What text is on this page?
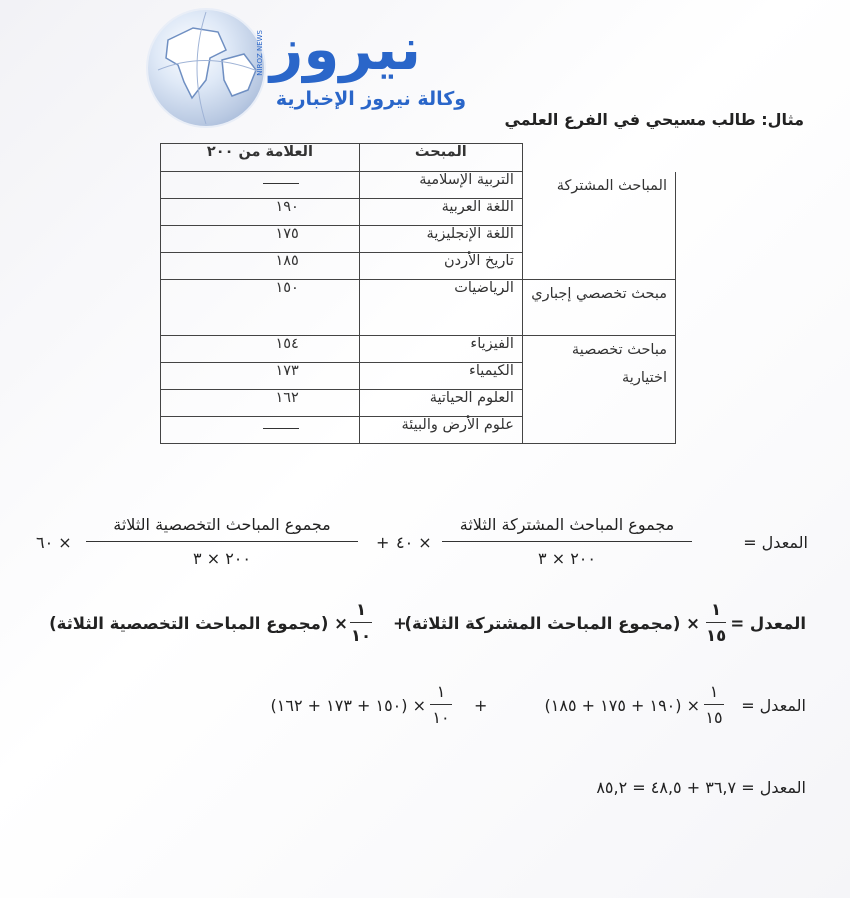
NIROZ NEWS نيروز
وكالة نيروز الإخبارية
مثال: طالب مسيحي في الفرع العلمي
	المبحث	العلامة من ٢٠٠
المباحث المشتركة	التربية الإسلامية	
	اللغة العربية	١٩٠
	اللغة الإنجليزية	١٧٥
	تاريخ الأردن	١٨٥
مبحث تخصصي إجباري	الرياضيات	١٥٠
مباحث تخصصية اختيارية	الفيزياء	١٥٤
	الكيمياء	١٧٣
	العلوم الحياتية	١٦٢
	علوم الأرض والبيئة	
المعدل =
مجموع المباحث المشتركة الثلاثة
٢٠٠ × ٣
× ٤٠
+
مجموع المباحث التخصصية الثلاثة
٢٠٠ × ٣
× ٦٠
المعدل =
١
١٥
× (مجموع المباحث المشتركة الثلاثة)
+
١
١٠
× (مجموع المباحث التخصصية الثلاثة)
المعدل =
١
١٥
× (١٩٠ + ١٧٥ + ١٨٥)
+
١
١٠
× (١٥٠ + ١٧٣ + ١٦٢)
المعدل = ٣٦,٧ + ٤٨,٥ = ٨٥,٢
